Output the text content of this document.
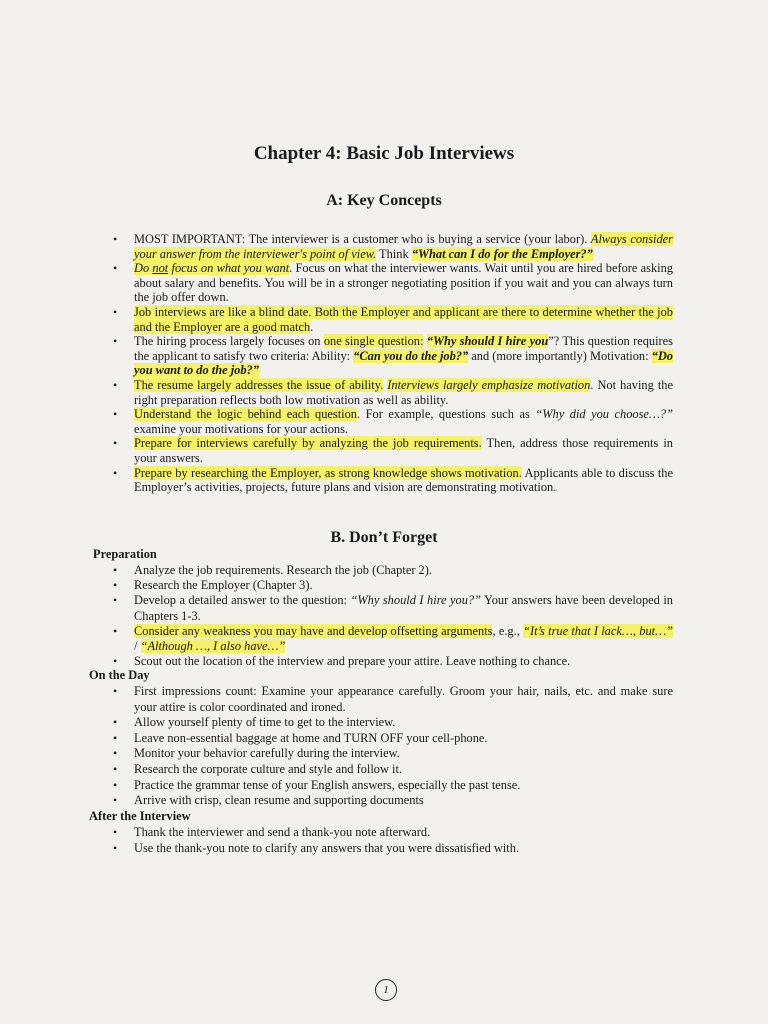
Chapter 4: Basic Job Interviews
A: Key Concepts
• MOST IMPORTANT: The interviewer is a customer who is buying a service (your labor). Always consider your answer from the interviewer's point of view. Think “What can I do for the Employer?”
• Do not focus on what you want. Focus on what the interviewer wants. Wait until you are hired before asking about salary and benefits. You will be in a stronger negotiating position if you wait and you can always turn the job offer down.
• Job interviews are like a blind date. Both the Employer and applicant are there to determine whether the job and the Employer are a good match.
• The hiring process largely focuses on one single question: “Why should I hire you”? This question requires the applicant to satisfy two criteria: Ability: “Can you do the job?” and (more importantly) Motivation: “Do you want to do the job?”
• The resume largely addresses the issue of ability. Interviews largely emphasize motivation. Not having the right preparation reflects both low motivation as well as ability.
• Understand the logic behind each question. For example, questions such as “Why did you choose…?” examine your motivations for your actions.
• Prepare for interviews carefully by analyzing the job requirements. Then, address those requirements in your answers.
• Prepare by researching the Employer, as strong knowledge shows motivation. Applicants able to discuss the Employer’s activities, projects, future plans and vision are demonstrating motivation.
B. Don’t Forget
Preparation
• Analyze the job requirements. Research the job (Chapter 2).
• Research the Employer (Chapter 3).
• Develop a detailed answer to the question: “Why should I hire you?” Your answers have been developed in Chapters 1-3.
• Consider any weakness you may have and develop offsetting arguments, e.g., “It’s true that I lack…, but…” / “Although …, I also have…”
• Scout out the location of the interview and prepare your attire. Leave nothing to chance.
On the Day
• First impressions count: Examine your appearance carefully. Groom your hair, nails, etc. and make sure your attire is color coordinated and ironed.
• Allow yourself plenty of time to get to the interview.
• Leave non-essential baggage at home and TURN OFF your cell-phone.
• Monitor your behavior carefully during the interview.
• Research the corporate culture and style and follow it.
• Practice the grammar tense of your English answers, especially the past tense.
• Arrive with crisp, clean resume and supporting documents
After the Interview
• Thank the interviewer and send a thank-you note afterward.
• Use the thank-you note to clarify any answers that you were dissatisfied with.
1
